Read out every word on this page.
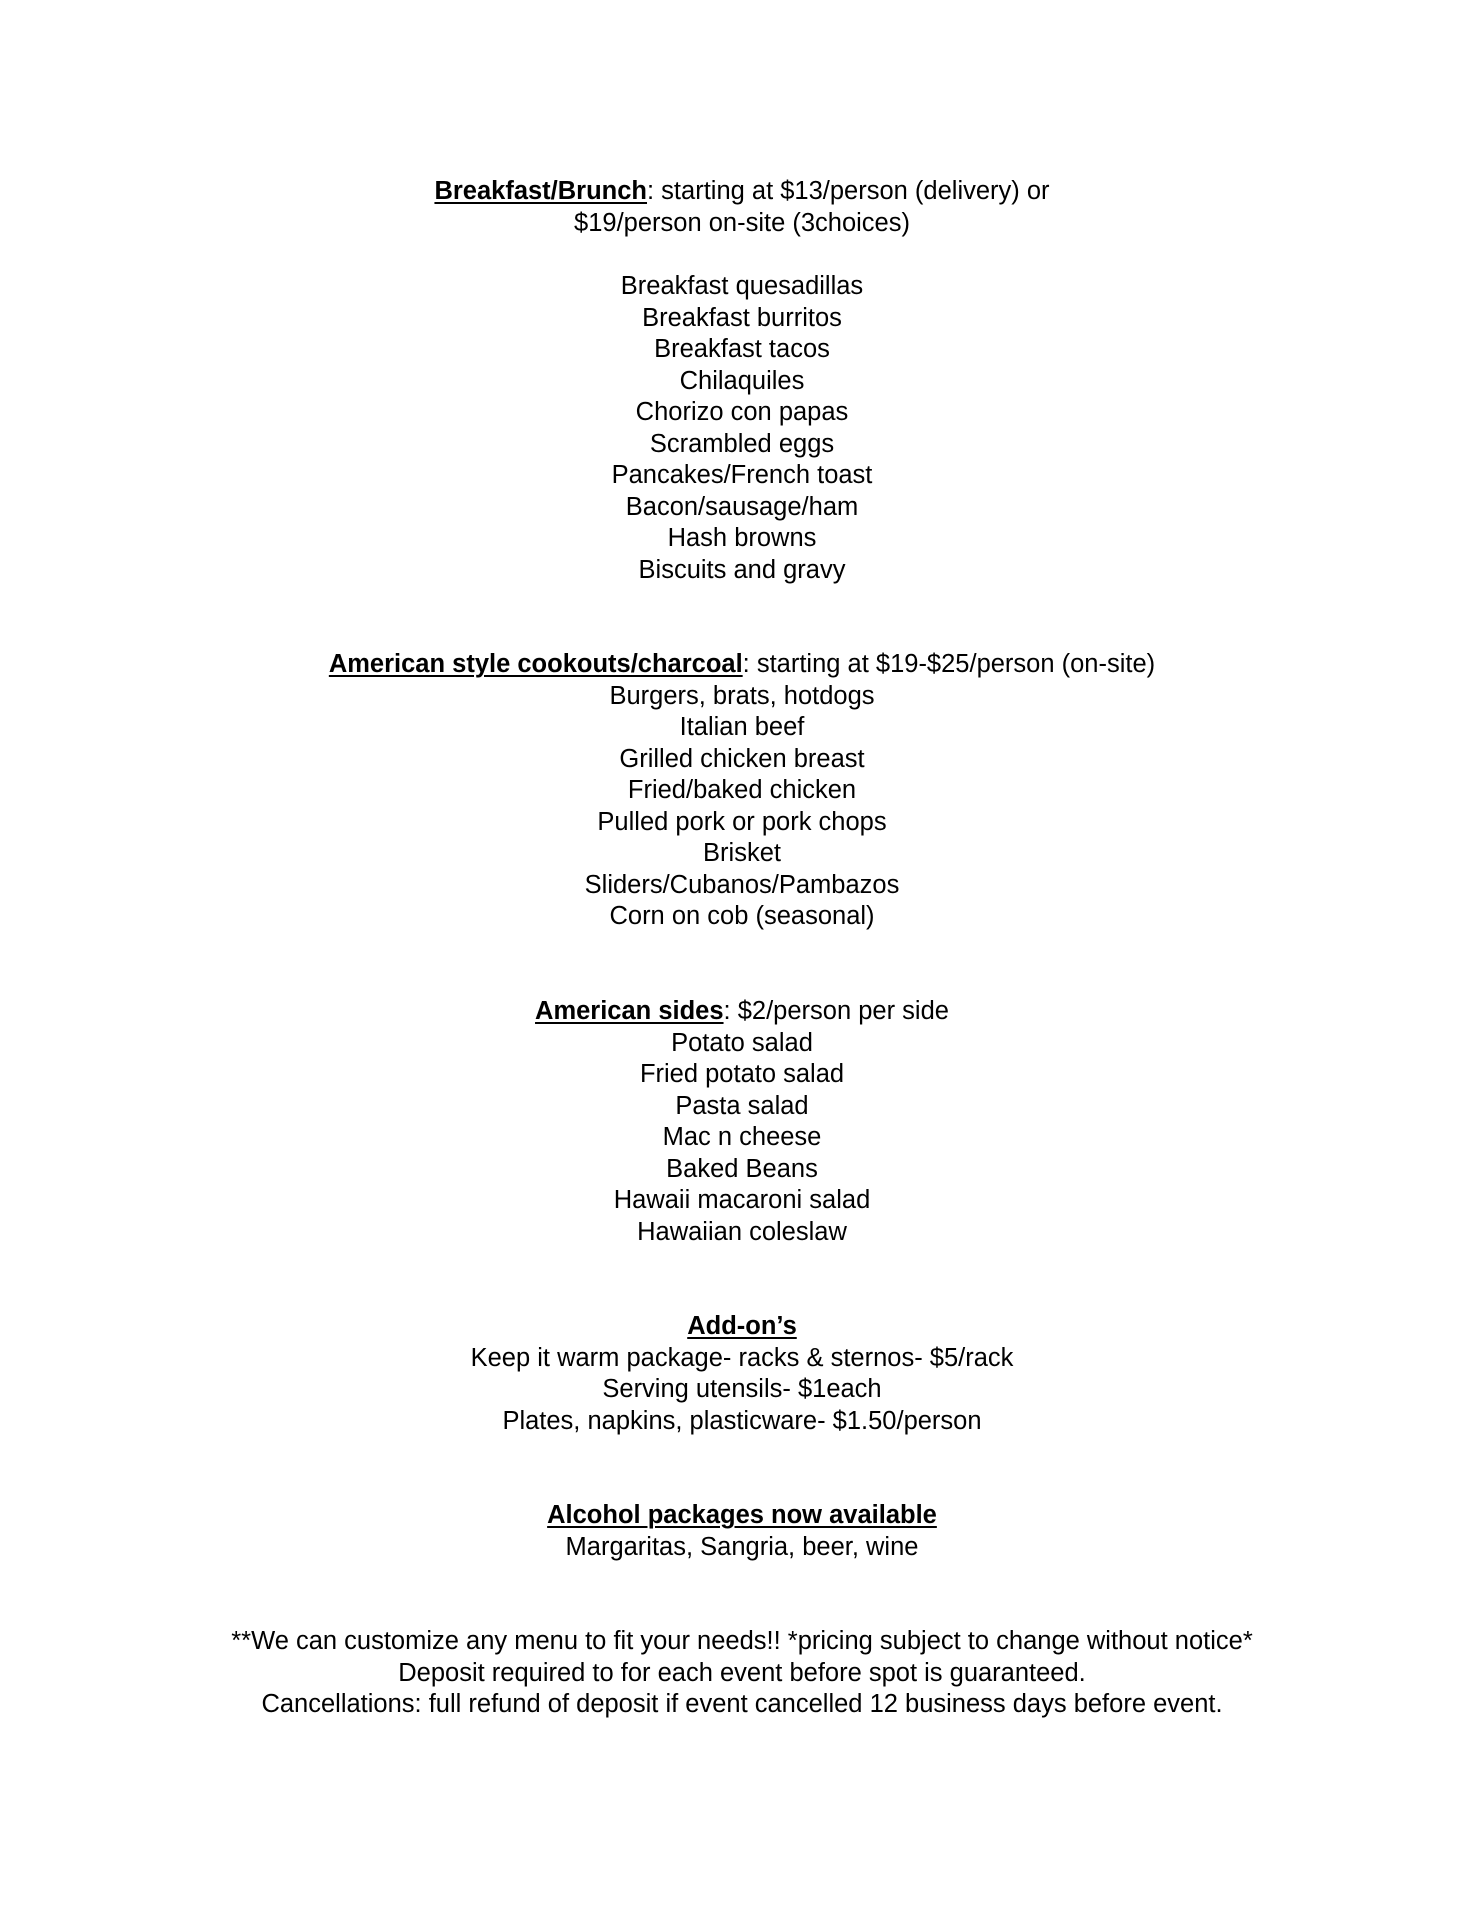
Breakfast/Brunch: starting at $13/person (delivery) or
$19/person on-site (3choices)
Breakfast quesadillas
Breakfast burritos
Breakfast tacos
Chilaquiles
Chorizo con papas
Scrambled eggs
Pancakes/French toast
Bacon/sausage/ham
Hash browns
Biscuits and gravy
American style cookouts/charcoal: starting at $19-$25/person (on-site)
Burgers, brats, hotdogs
Italian beef
Grilled chicken breast
Fried/baked chicken
Pulled pork or pork chops
Brisket
Sliders/Cubanos/Pambazos
Corn on cob (seasonal)
American sides: $2/person per side
Potato salad
Fried potato salad
Pasta salad
Mac n cheese
Baked Beans
Hawaii macaroni salad
Hawaiian coleslaw
Add-on’s
Keep it warm package- racks & sternos- $5/rack
Serving utensils- $1each
Plates, napkins, plasticware- $1.50/person
Alcohol packages now available
Margaritas, Sangria, beer, wine
**We can customize any menu to fit your needs!! *pricing subject to change without notice*
Deposit required to for each event before spot is guaranteed.
Cancellations: full refund of deposit if event cancelled 12 business days before event.
